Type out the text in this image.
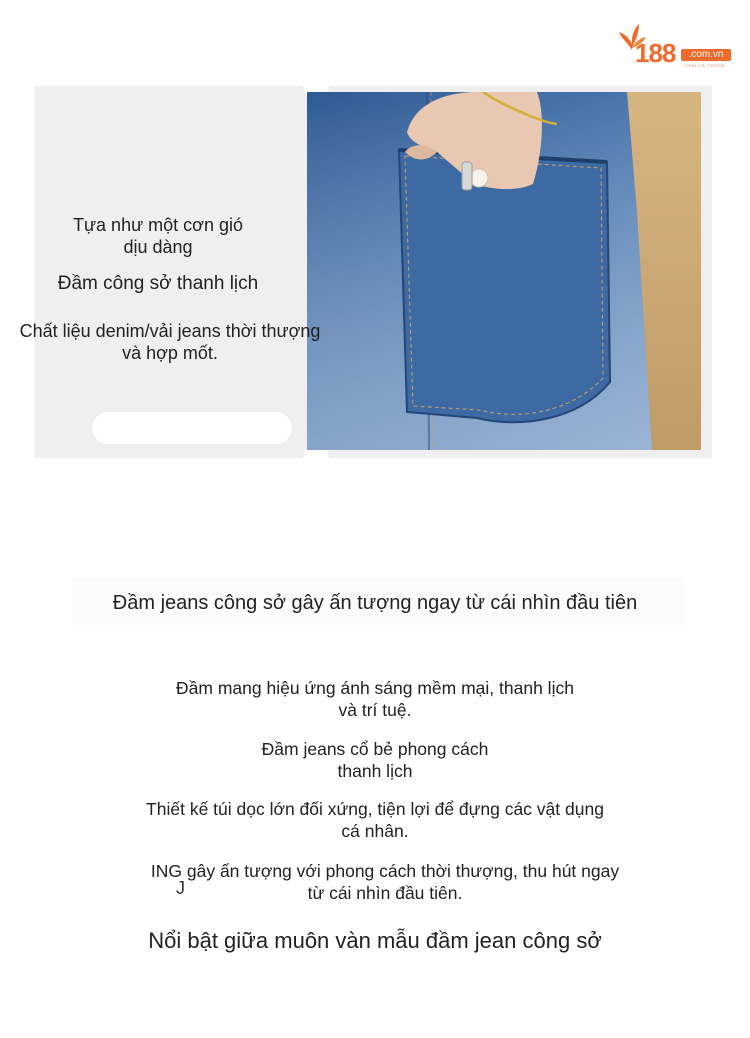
188	.com.vn
XEM LÀ THÍCH

Tựa như một cơn gió
dịu dàng

Đầm công sở thanh lịch

Chất liệu denim/vải jeans thời thượng
và hợp mốt.

Đầm jeans công sở gây ấn tượng ngay từ cái nhìn đầu tiên

Đầm mang hiệu ứng ánh sáng mềm mại, thanh lịch
và trí tuệ.

Đầm jeans cổ bẻ phong cách
thanh lịch

Thiết kế túi dọc lớn đối xứng, tiện lợi để đựng các vật dụng
cá nhân.

ING gây ấn tượng với phong cách thời thượng, thu hút ngay
từ cái nhìn đầu tiên.

J

Nổi bật giữa muôn vàn mẫu đầm jean công sở
